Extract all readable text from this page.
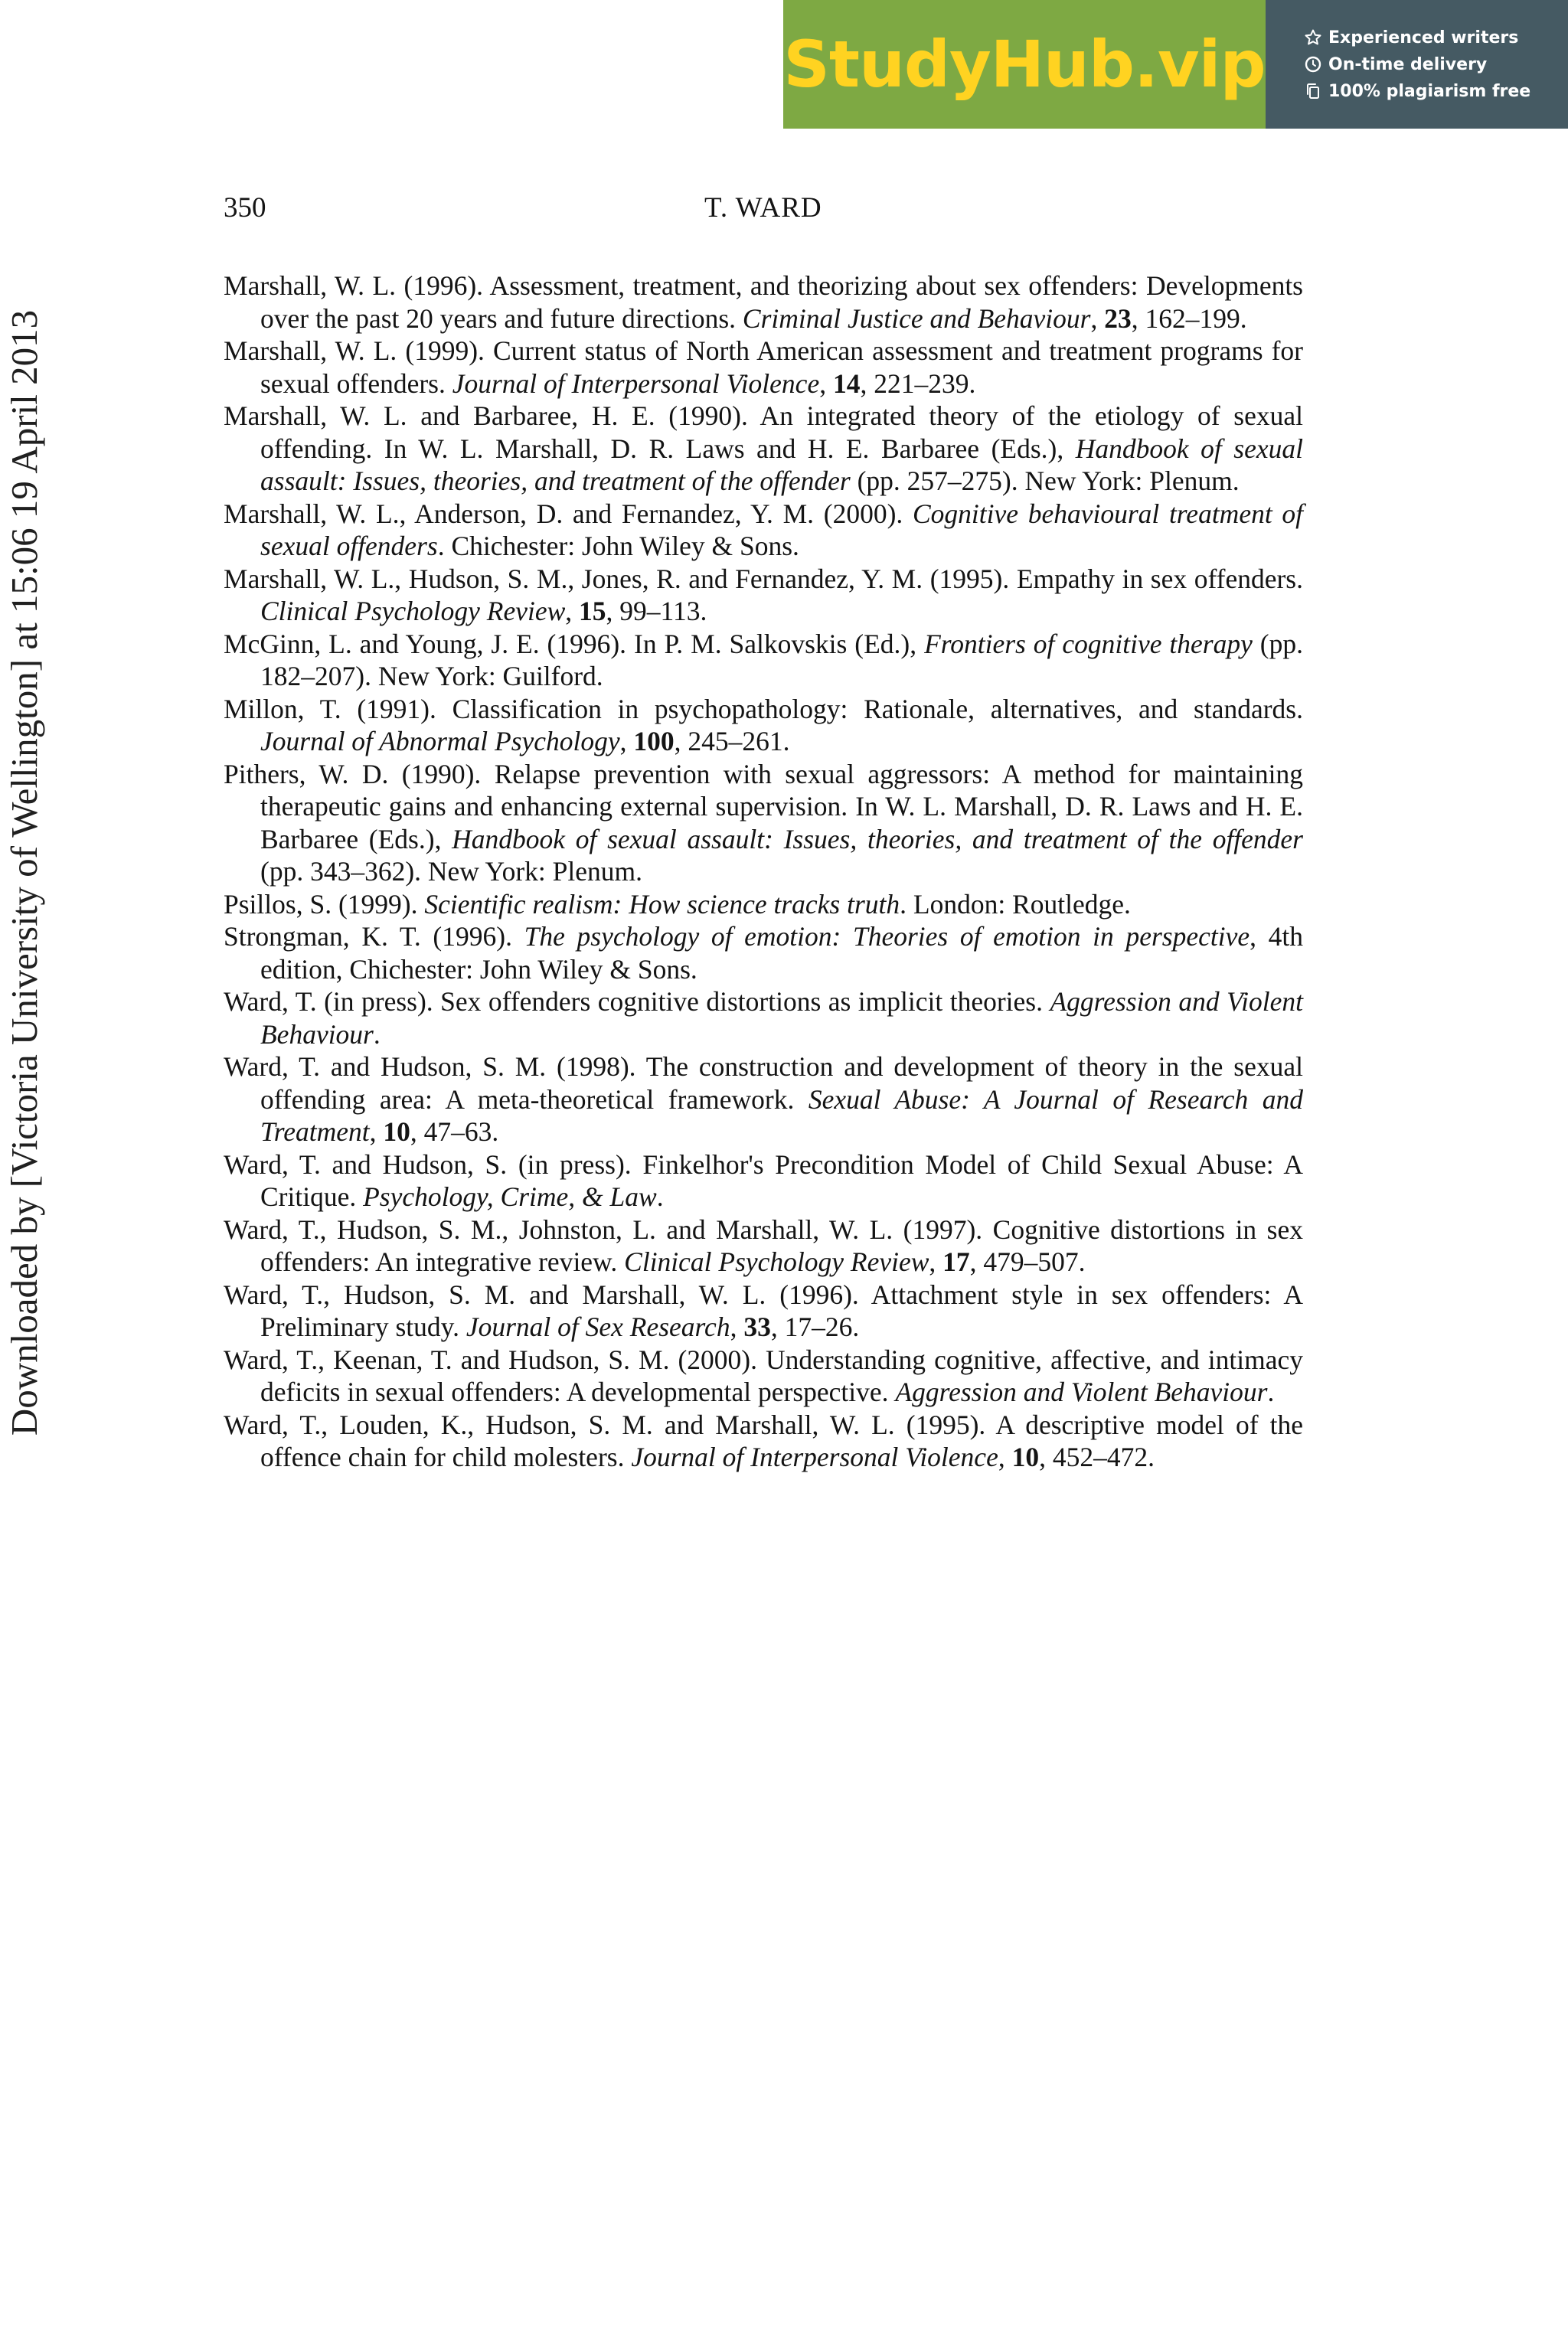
StudyHub.vip	Experienced writers
On-time delivery
100% plagiarism free
Downloaded by [Victoria University of Wellington] at 15:06 19 April 2013
350	T. WARD
Marshall, W. L. (1996). Assessment, treatment, and theorizing about sex offenders: Developments over the past 20 years and future directions. Criminal Justice and Behaviour, 23, 162–199.
Marshall, W. L. (1999). Current status of North American assessment and treatment programs for sexual offenders. Journal of Interpersonal Violence, 14, 221–239.
Marshall, W. L. and Barbaree, H. E. (1990). An integrated theory of the etiology of sexual offending. In W. L. Marshall, D. R. Laws and H. E. Barbaree (Eds.), Handbook of sexual assault: Issues, theories, and treatment of the offender (pp. 257–275). New York: Plenum.
Marshall, W. L., Anderson, D. and Fernandez, Y. M. (2000). Cognitive behavioural treatment of sexual offenders. Chichester: John Wiley & Sons.
Marshall, W. L., Hudson, S. M., Jones, R. and Fernandez, Y. M. (1995). Empathy in sex offenders. Clinical Psychology Review, 15, 99–113.
McGinn, L. and Young, J. E. (1996). In P. M. Salkovskis (Ed.), Frontiers of cognitive therapy (pp. 182–207). New York: Guilford.
Millon, T. (1991). Classification in psychopathology: Rationale, alternatives, and standards. Journal of Abnormal Psychology, 100, 245–261.
Pithers, W. D. (1990). Relapse prevention with sexual aggressors: A method for maintaining therapeutic gains and enhancing external supervision. In W. L. Marshall, D. R. Laws and H. E. Barbaree (Eds.), Handbook of sexual assault: Issues, theories, and treatment of the offender (pp. 343–362). New York: Plenum.
Psillos, S. (1999). Scientific realism: How science tracks truth. London: Routledge.
Strongman, K. T. (1996). The psychology of emotion: Theories of emotion in perspective, 4th edition, Chichester: John Wiley & Sons.
Ward, T. (in press). Sex offenders cognitive distortions as implicit theories. Aggression and Violent Behaviour.
Ward, T. and Hudson, S. M. (1998). The construction and development of theory in the sexual offending area: A meta-theoretical framework. Sexual Abuse: A Journal of Research and Treatment, 10, 47–63.
Ward, T. and Hudson, S. (in press). Finkelhor's Precondition Model of Child Sexual Abuse: A Critique. Psychology, Crime, & Law.
Ward, T., Hudson, S. M., Johnston, L. and Marshall, W. L. (1997). Cognitive distortions in sex offenders: An integrative review. Clinical Psychology Review, 17, 479–507.
Ward, T., Hudson, S. M. and Marshall, W. L. (1996). Attachment style in sex offenders: A Preliminary study. Journal of Sex Research, 33, 17–26.
Ward, T., Keenan, T. and Hudson, S. M. (2000). Understanding cognitive, affective, and intimacy deficits in sexual offenders: A developmental perspective. Aggression and Violent Behaviour.
Ward, T., Louden, K., Hudson, S. M. and Marshall, W. L. (1995). A descriptive model of the offence chain for child molesters. Journal of Interpersonal Violence, 10, 452–472.
